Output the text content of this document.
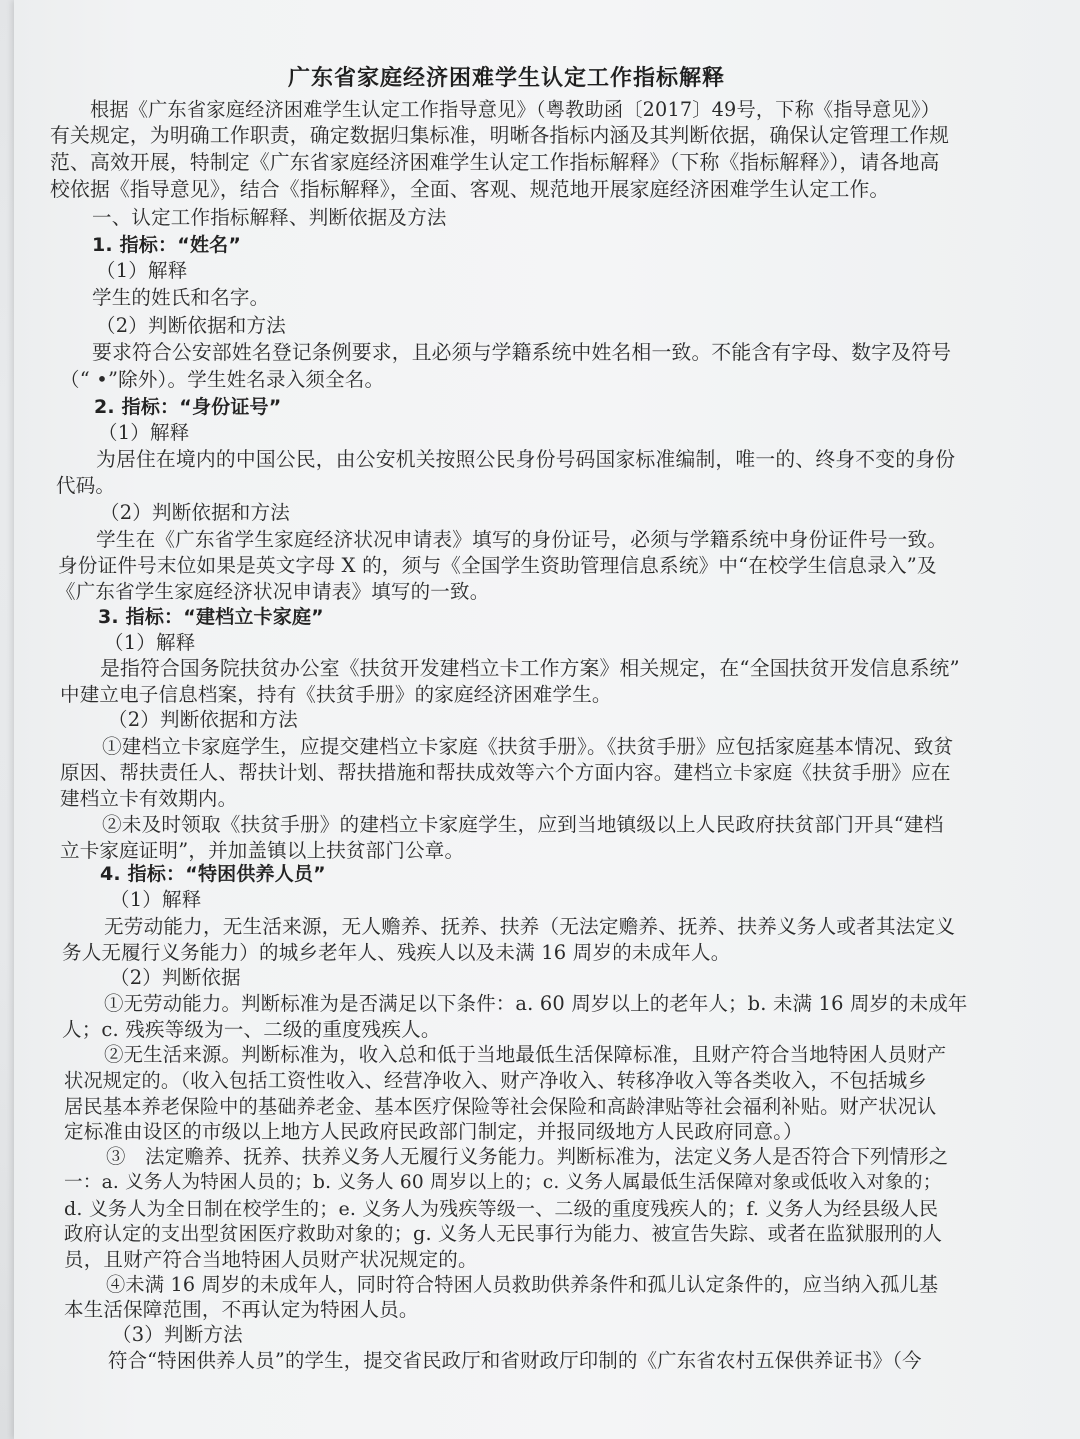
广东省家庭经济困难学生认定工作指标解释
根据《广东省家庭经济困难学生认定工作指导意见》（粤教助函〔2017〕49号，下称《指导意见》）
有关规定，为明确工作职责，确定数据归集标准，明晰各指标内涵及其判断依据，确保认定管理工作规
范、高效开展，特制定《广东省家庭经济困难学生认定工作指标解释》（下称《指标解释》），请各地高
校依据《指导意见》，结合《指标解释》，全面、客观、规范地开展家庭经济困难学生认定工作。
一、认定工作指标解释、判断依据及方法
1. 指标：“姓名”
（1）解释
学生的姓氏和名字。
（2）判断依据和方法
要求符合公安部姓名登记条例要求，且必须与学籍系统中姓名相一致。不能含有字母、数字及符号
（“ •”除外）。学生姓名录入须全名。
2. 指标：“身份证号”
（1）解释
为居住在境内的中国公民，由公安机关按照公民身份号码国家标准编制，唯一的、终身不变的身份
代码。
（2）判断依据和方法
学生在《广东省学生家庭经济状况申请表》填写的身份证号，必须与学籍系统中身份证件号一致。
身份证件号末位如果是英文字母 X 的，须与《全国学生资助管理信息系统》中“在校学生信息录入”及
《广东省学生家庭经济状况申请表》填写的一致。
3. 指标：“建档立卡家庭”
（1）解释
是指符合国务院扶贫办公室《扶贫开发建档立卡工作方案》相关规定，在“全国扶贫开发信息系统”
中建立电子信息档案，持有《扶贫手册》的家庭经济困难学生。
（2）判断依据和方法
①建档立卡家庭学生，应提交建档立卡家庭《扶贫手册》。《扶贫手册》应包括家庭基本情况、致贫
原因、帮扶责任人、帮扶计划、帮扶措施和帮扶成效等六个方面内容。建档立卡家庭《扶贫手册》应在
建档立卡有效期内。
②未及时领取《扶贫手册》的建档立卡家庭学生，应到当地镇级以上人民政府扶贫部门开具“建档
立卡家庭证明”，并加盖镇以上扶贫部门公章。
4. 指标：“特困供养人员”
（1）解释
无劳动能力，无生活来源，无人赡养、抚养、扶养（无法定赡养、抚养、扶养义务人或者其法定义
务人无履行义务能力）的城乡老年人、残疾人以及未满 16 周岁的未成年人。
（2）判断依据
①无劳动能力。判断标准为是否满足以下条件：a. 60 周岁以上的老年人；b. 未满 16 周岁的未成年
人；c. 残疾等级为一、二级的重度残疾人。
②无生活来源。判断标准为，收入总和低于当地最低生活保障标准，且财产符合当地特困人员财产
状况规定的。（收入包括工资性收入、经营净收入、财产净收入、转移净收入等各类收入，不包括城乡
居民基本养老保险中的基础养老金、基本医疗保险等社会保险和高龄津贴等社会福利补贴。财产状况认
定标准由设区的市级以上地方人民政府民政部门制定，并报同级地方人民政府同意。）
③　法定赡养、抚养、扶养义务人无履行义务能力。判断标准为，法定义务人是否符合下列情形之
一：a. 义务人为特困人员的；b. 义务人 60 周岁以上的；c. 义务人属最低生活保障对象或低收入对象的；
d. 义务人为全日制在校学生的；e. 义务人为残疾等级一、二级的重度残疾人的；f. 义务人为经县级人民
政府认定的支出型贫困医疗救助对象的；g. 义务人无民事行为能力、被宣告失踪、或者在监狱服刑的人
员，且财产符合当地特困人员财产状况规定的。
④未满 16 周岁的未成年人，同时符合特困人员救助供养条件和孤儿认定条件的，应当纳入孤儿基
本生活保障范围，不再认定为特困人员。
（3）判断方法
符合“特困供养人员”的学生，提交省民政厅和省财政厅印制的《广东省农村五保供养证书》（今
